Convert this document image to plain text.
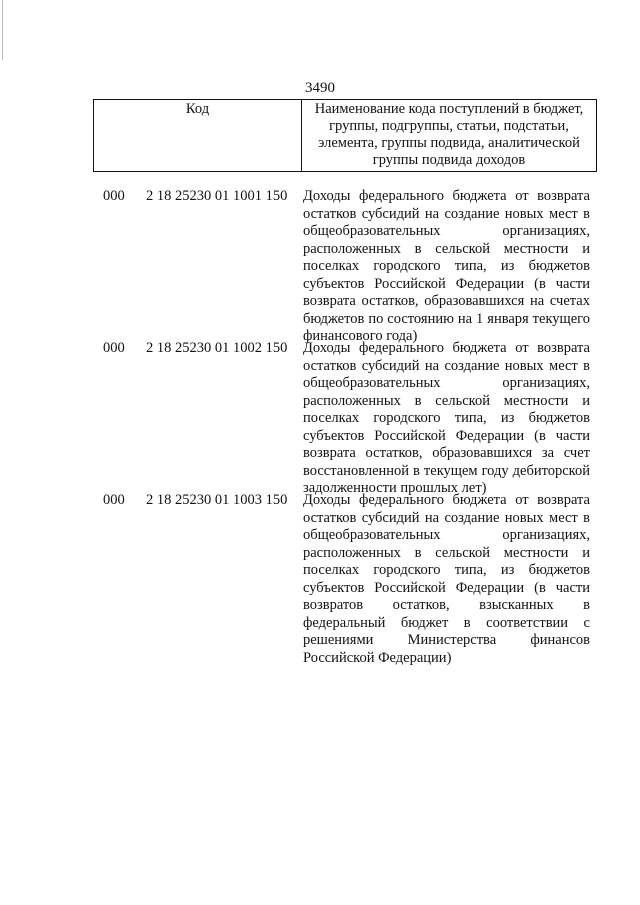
3490
Код	Наименование кода поступлений в бюджет, группы, подгруппы, статьи, подстатьи, элемента, группы подвида, аналитической группы подвида доходов
000 2 18 25230 01 1001 150 Доходы федерального бюджета от возврата остатков субсидий на создание новых мест в общеобразовательных организациях, расположенных в сельской местности и поселках городского типа, из бюджетов субъектов Российской Федерации (в части возврата остатков, образовавшихся на счетах бюджетов по состоянию на 1 января текущего финансового года)
000 2 18 25230 01 1002 150 Доходы федерального бюджета от возврата остатков субсидий на создание новых мест в общеобразовательных организациях, расположенных в сельской местности и поселках городского типа, из бюджетов субъектов Российской Федерации (в части возврата остатков, образовавшихся за счет восстановленной в текущем году дебиторской задолженности прошлых лет)
000 2 18 25230 01 1003 150 Доходы федерального бюджета от возврата остатков субсидий на создание новых мест в общеобразовательных организациях, расположенных в сельской местности и поселках городского типа, из бюджетов субъектов Российской Федерации (в части возвратов остатков, взысканных в федеральный бюджет в соответствии с решениями Министерства финансов Российской Федерации)
